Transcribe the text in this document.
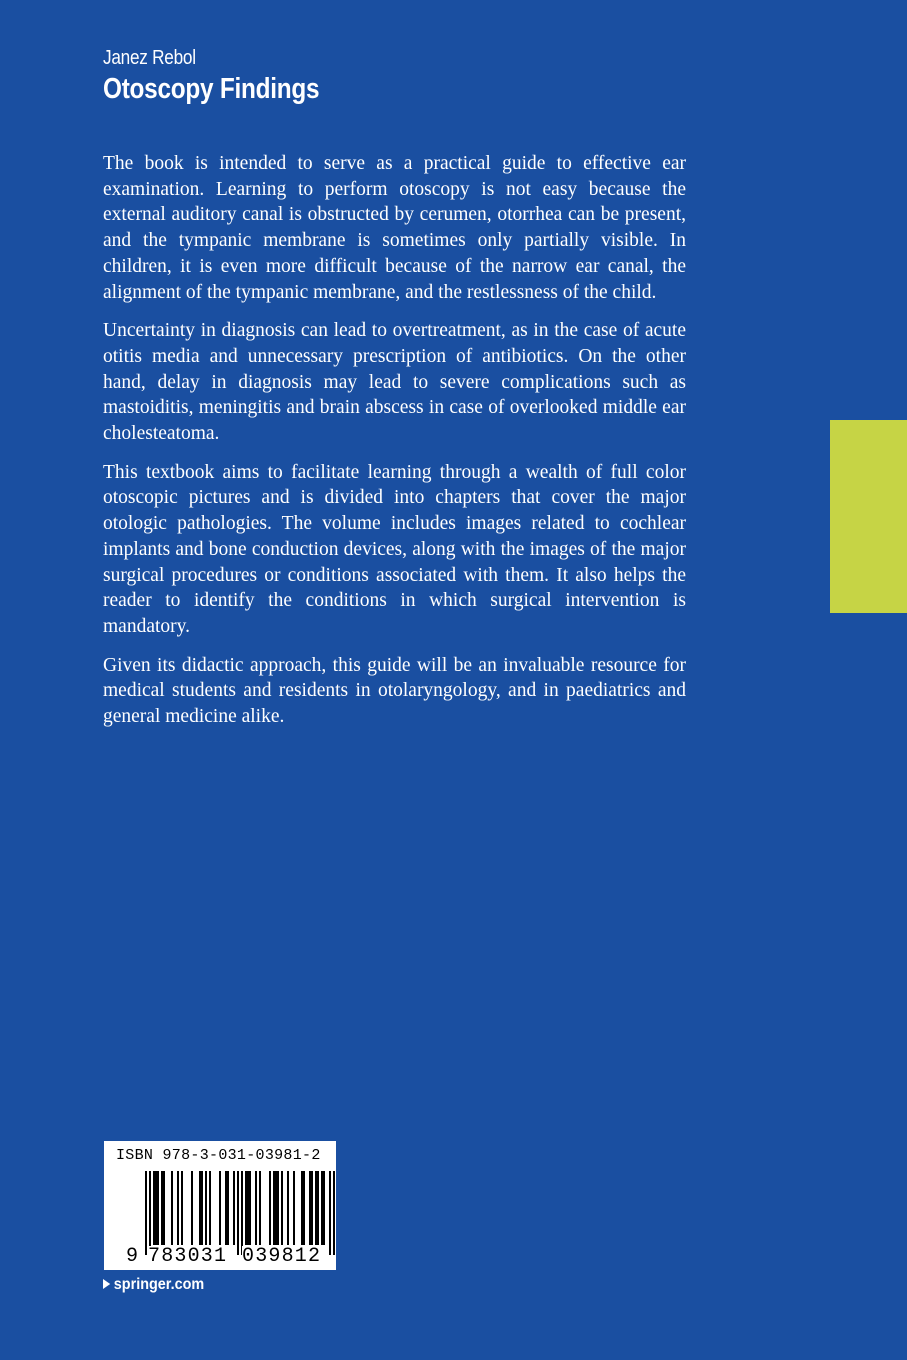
Janez Rebol
Otoscopy Findings

The book is intended to serve as a practical guide to effective ear examination. Learning to perform otoscopy is not easy because the external auditory canal is obstructed by cerumen, otorrhea can be present, and the tympanic membrane is sometimes only partially visible. In children, it is even more difficult because of the narrow ear canal, the alignment of the tympanic membrane, and the restlessness of the child.

Uncertainty in diagnosis can lead to overtreatment, as in the case of acute otitis media and unnecessary prescription of antibiotics. On the other hand, delay in diagnosis may lead to severe complications such as mastoiditis, meningitis and brain abscess in case of overlooked middle ear cholesteatoma.

This textbook aims to facilitate learning through a wealth of full color otoscopic pictures and is divided into chapters that cover the major otologic pathologies. The volume includes images related to cochlear implants and bone conduction devices, along with the images of the major surgical procedures or conditions associated with them. It also helps the reader to identify the conditions in which surgical intervention is mandatory.

Given its didactic approach, this guide will be an invaluable resource for medical students and residents in otolaryngology, and in paediatrics and general medicine alike.

ISBN 978-3-031-03981-2
9 783031 039812
springer.com
